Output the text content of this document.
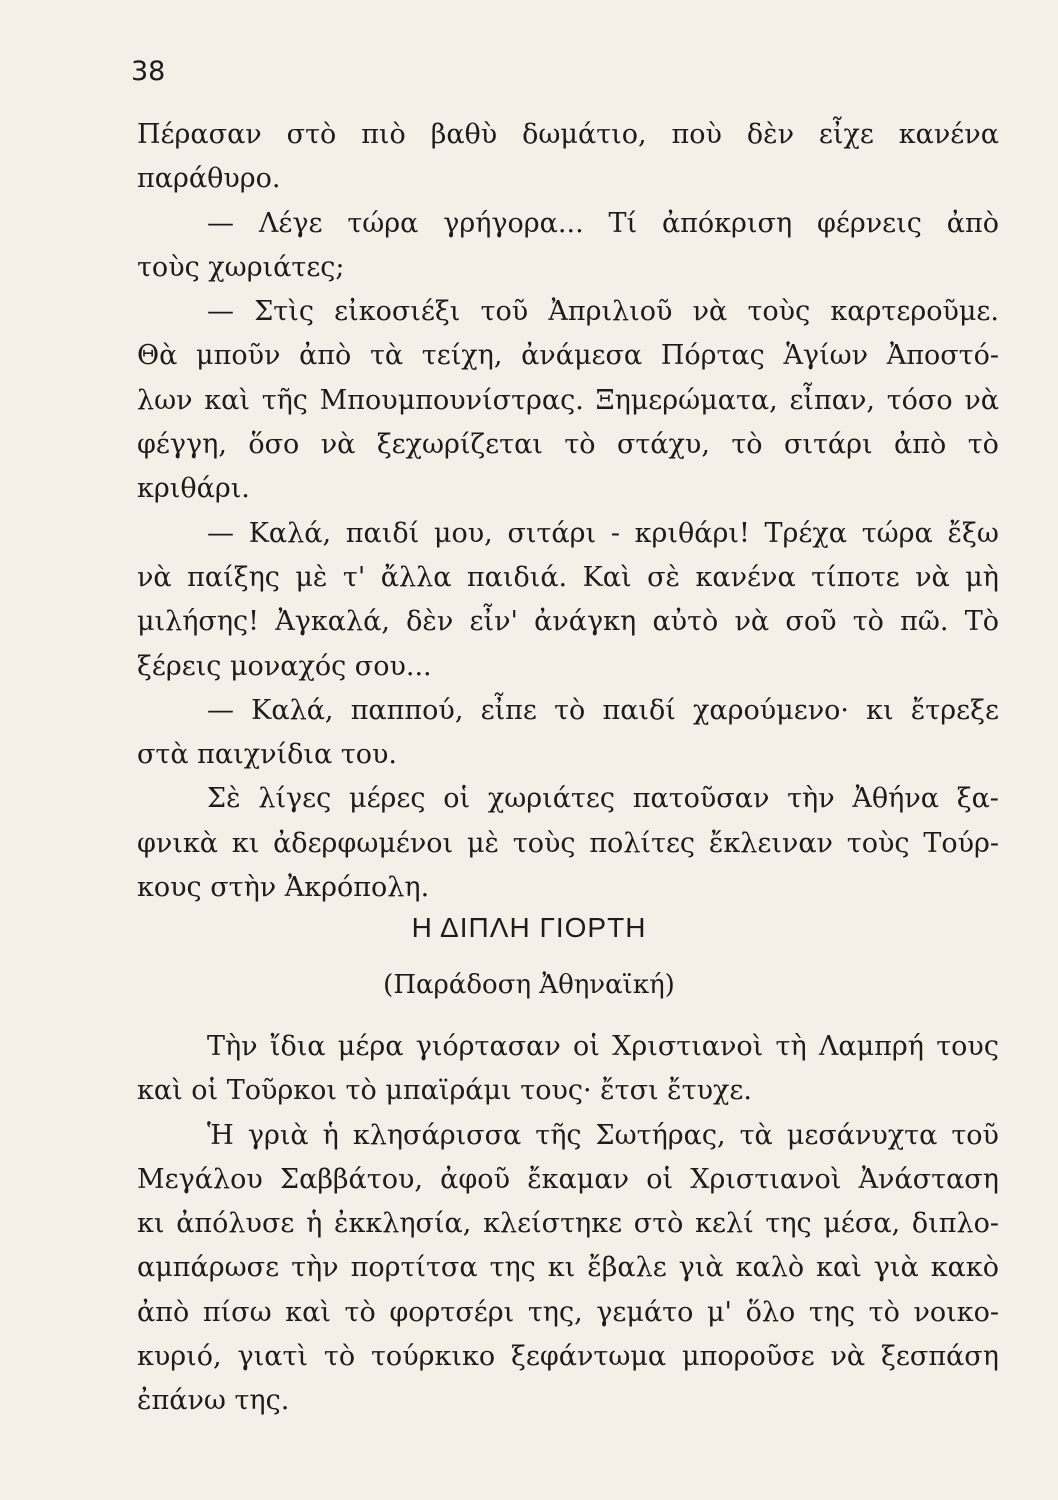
38
Πέρασαν στὸ πιὸ βαθὺ δωμάτιο, ποὺ δὲν εἶχε κανένα
παράθυρο.
— Λέγε τώρα γρήγορα... Τί ἀπόκριση φέρνεις ἀπὸ
τοὺς χωριάτες;
— Στὶς εἰκοσιέξι τοῦ Ἀπριλιοῦ νὰ τοὺς καρτεροῦμε.
Θὰ μποῦν ἀπὸ τὰ τείχη, ἀνάμεσα Πόρτας Ἁγίων Ἀποστό-
λων καὶ τῆς Μπουμπουνίστρας. Ξημερώματα, εἶπαν, τόσο νὰ
φέγγη, ὅσο νὰ ξεχωρίζεται τὸ στάχυ, τὸ σιτάρι ἀπὸ τὸ
κριθάρι.
— Καλά, παιδί μου, σιτάρι - κριθάρι! Τρέχα τώρα ἔξω
νὰ παίξης μὲ τ' ἄλλα παιδιά. Καὶ σὲ κανένα τίποτε νὰ μὴ
μιλήσης! Ἀγκαλά, δὲν εἶν' ἀνάγκη αὐτὸ νὰ σοῦ τὸ πῶ. Τὸ
ξέρεις μοναχός σου...
— Καλά, παππού, εἶπε τὸ παιδί χαρούμενο· κι ἔτρεξε
στὰ παιχνίδια του.
Σὲ λίγες μέρες οἱ χωριάτες πατοῦσαν τὴν Ἀθήνα ξα-
φνικὰ κι ἀδερφωμένοι μὲ τοὺς πολίτες ἔκλειναν τοὺς Τούρ-
κους στὴν Ἀκρόπολη.
Η ΔΙΠΛΗ ΓΙΟΡΤΗ
(Παράδοση Ἀθηναϊκή)
Τὴν ἴδια μέρα γιόρτασαν οἱ Χριστιανοὶ τὴ Λαμπρή τους
καὶ οἱ Τοῦρκοι τὸ μπαϊράμι τους· ἔτσι ἔτυχε.
Ἡ γριὰ ἡ κλησάρισσα τῆς Σωτήρας, τὰ μεσάνυχτα τοῦ
Μεγάλου Σαββάτου, ἀφοῦ ἔκαμαν οἱ Χριστιανοὶ Ἀνάσταση
κι ἀπόλυσε ἡ ἐκκλησία, κλείστηκε στὸ κελί της μέσα, διπλο-
αμπάρωσε τὴν πορτίτσα της κι ἔβαλε γιὰ καλὸ καὶ γιὰ κακὸ
ἀπὸ πίσω καὶ τὸ φορτσέρι της, γεμάτο μ' ὅλο της τὸ νοικο-
κυριό, γιατὶ τὸ τούρκικο ξεφάντωμα μποροῦσε νὰ ξεσπάση
ἐπάνω της.
